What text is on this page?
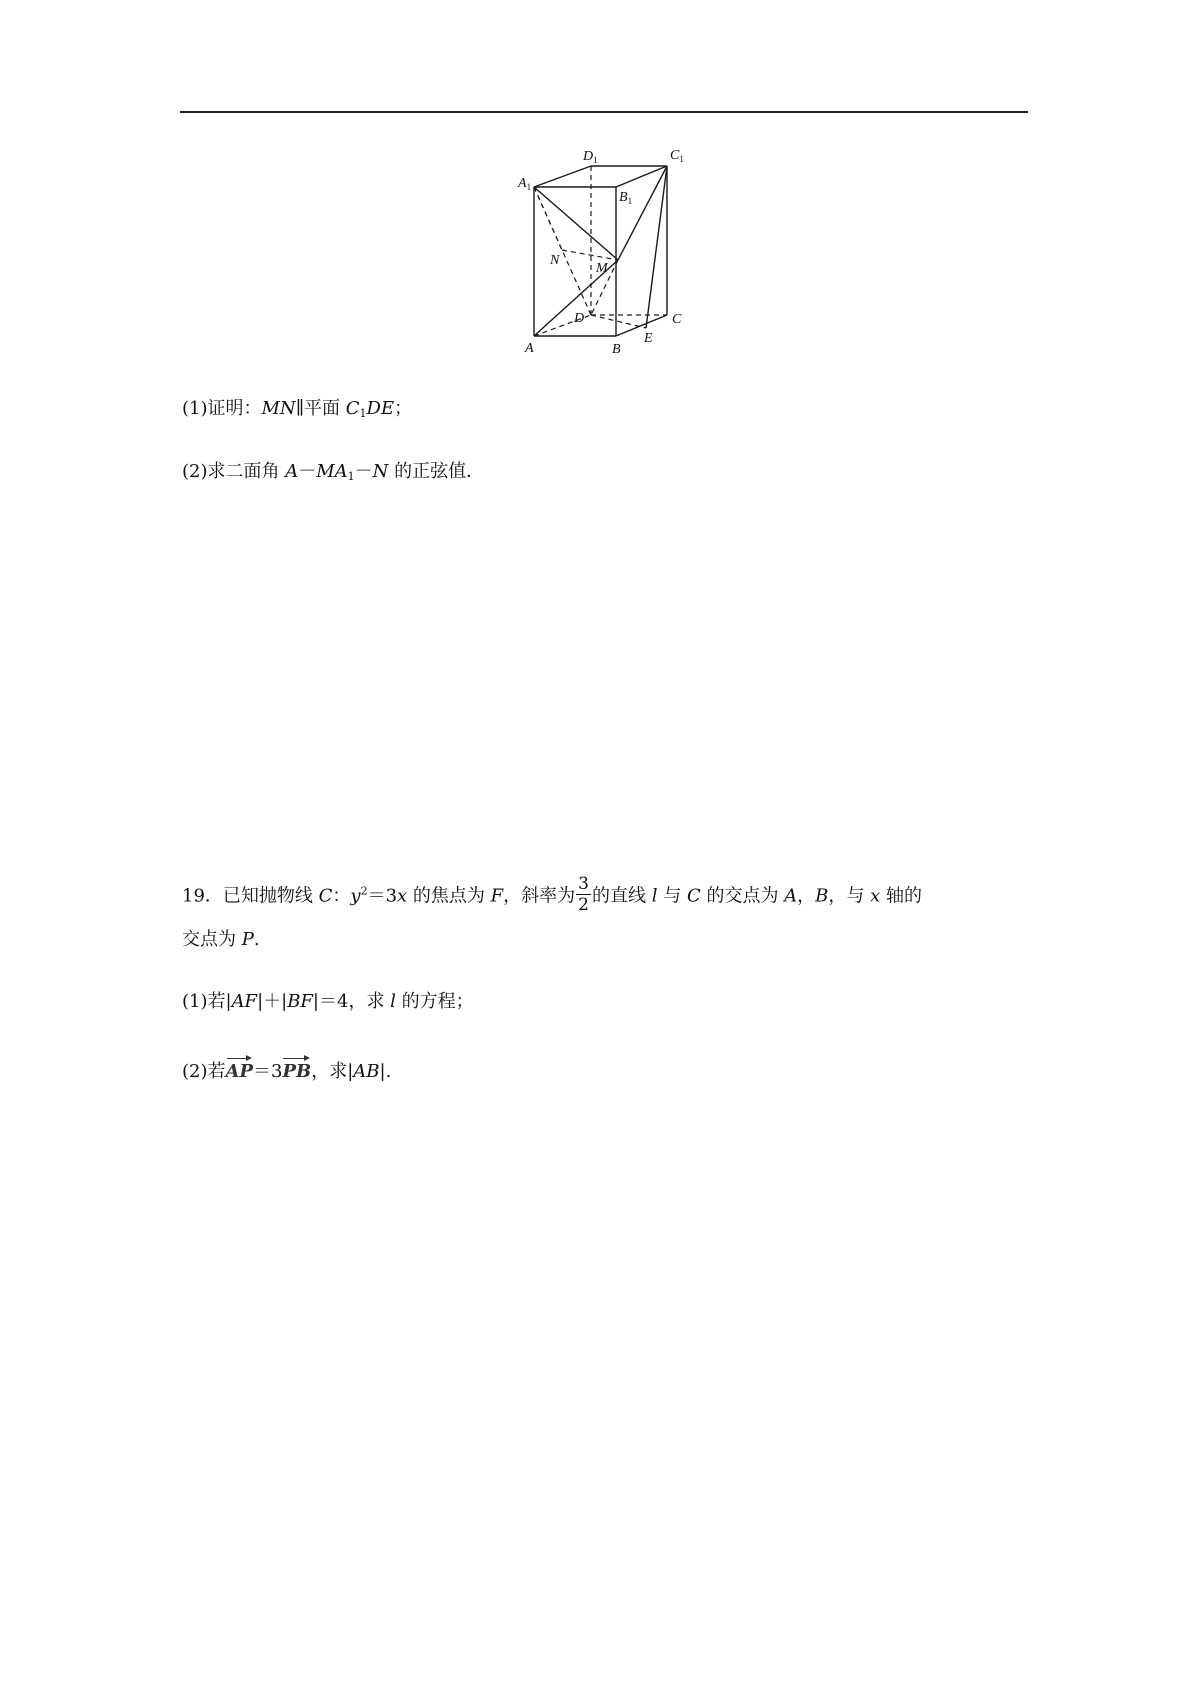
$D_1$	$C_1$
$A_1$
$B_1$
N
M
D	C
E
A	B
(1)证明：MN∥平面 $C_1DE$；
(2)求二面角 $A-MA_1-N$ 的正弦值．
19．已知抛物线 C：$y^2=3x$ 的焦点为 F，斜率为 $\frac{3}{2}$ 的直线 l 与 C 的交点为 A，B，与 x 轴的
交点为 P.
(1)若|AF|＋|BF|＝4，求 l 的方程；
(2)若AP＝3PB，求|AB|.
